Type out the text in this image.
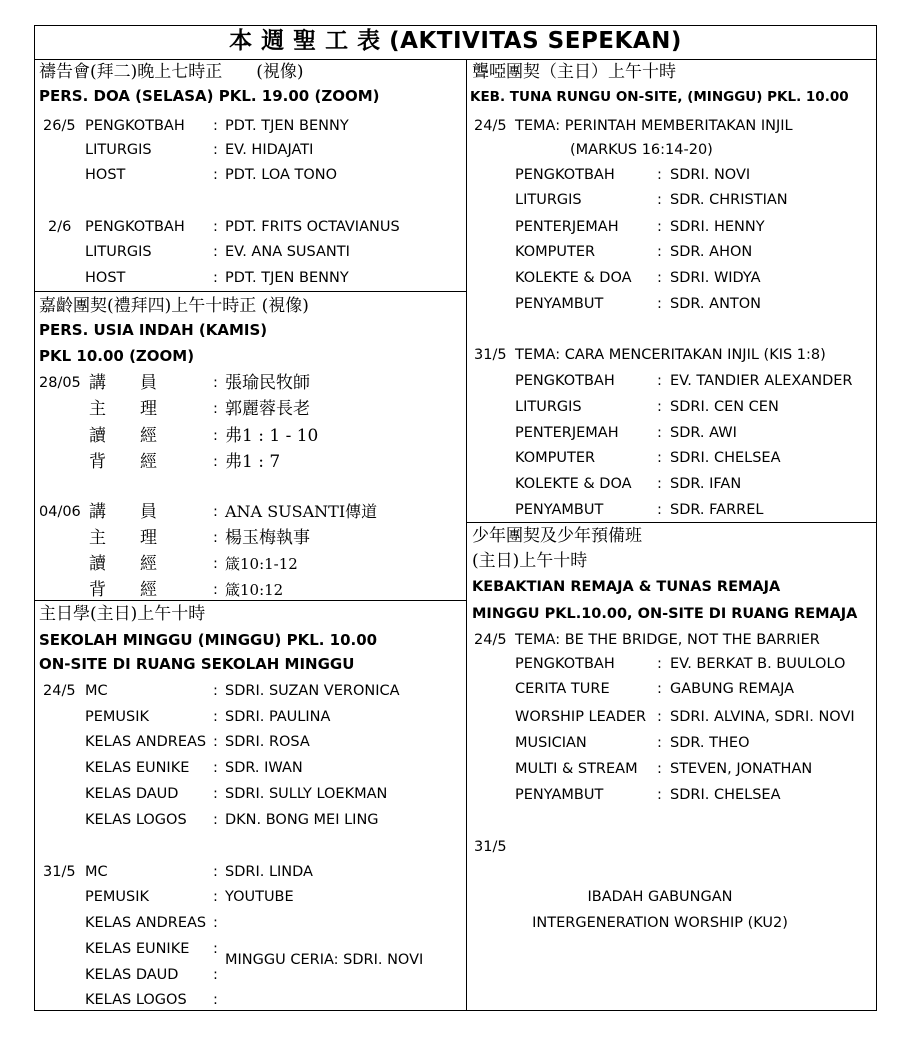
本 週 聖 工 表 (AKTIVITAS SEPEKAN)
禱告會(拜二)晚上七時正　　(視像)
PERS. DOA (SELASA) PKL. 19.00 (ZOOM)
26/5 PENGKOTBAH : PDT. TJEN BENNY
LITURGIS	: EV. HIDAJATI
HOST	: PDT. LOA TONO
2/6 PENGKOTBAH : PDT. FRITS OCTAVIANUS
LITURGIS	: EV. ANA SUSANTI
HOST	: PDT. TJEN BENNY
嘉齡團契(禮拜四)上午十時正 (視像)
PERS. USIA INDAH (KAMIS)
PKL 10.00 (ZOOM)
28/05 講　　員	: 張瑜民牧師
主　　理	: 郭麗蓉長老
讀　　經	: 弗1 : 1 - 10
背　　經	: 弗1 : 7
04/06 講　　員	: ANA SUSANTI傳道
主　　理	: 楊玉梅執事
讀　　經	: 箴10:1-12
背　　經	: 箴10:12
主日學(主日)上午十時
SEKOLAH MINGGU (MINGGU) PKL. 10.00
ON-SITE DI RUANG SEKOLAH MINGGU
24/5 MC	: SDRI. SUZAN VERONICA
PEMUSIK	: SDRI. PAULINA
KELAS ANDREAS : SDRI. ROSA
KELAS EUNIKE : SDR. IWAN
KELAS DAUD : SDRI. SULLY LOEKMAN
KELAS LOGOS : DKN. BONG MEI LING
31/5 MC	: SDRI. LINDA
PEMUSIK	: YOUTUBE
KELAS ANDREAS :
KELAS EUNIKE :
KELAS DAUD :
KELAS LOGOS :
MINGGU CERIA: SDRI. NOVI
聾啞團契（主日）上午十時
KEB. TUNA RUNGU ON-SITE, (MINGGU) PKL. 10.00
24/5 TEMA: PERINTAH MEMBERITAKAN INJIL
(MARKUS 16:14-20)
PENGKOTBAH	: SDRI. NOVI
LITURGIS	: SDR. CHRISTIAN
PENTERJEMAH	: SDRI. HENNY
KOMPUTER	: SDR. AHON
KOLEKTE & DOA : SDRI. WIDYA
PENYAMBUT	: SDR. ANTON
31/5 TEMA: CARA MENCERITAKAN INJIL (KIS 1:8)
PENGKOTBAH	: EV. TANDIER ALEXANDER
LITURGIS	: SDRI. CEN CEN
PENTERJEMAH	: SDR. AWI
KOMPUTER	: SDRI. CHELSEA
KOLEKTE & DOA : SDR. IFAN
PENYAMBUT	: SDR. FARREL
少年團契及少年預備班
(主日)上午十時
KEBAKTIAN REMAJA & TUNAS REMAJA
MINGGU PKL.10.00, ON-SITE DI RUANG REMAJA
24/5 TEMA: BE THE BRIDGE, NOT THE BARRIER
PENGKOTBAH	: EV. BERKAT B. BUULOLO
CERITA TURE	: GABUNG REMAJA
WORSHIP LEADER : SDRI. ALVINA, SDRI. NOVI
MUSICIAN	: SDR. THEO
MULTI & STREAM : STEVEN, JONATHAN
PENYAMBUT	: SDRI. CHELSEA
31/5
IBADAH GABUNGAN
INTERGENERATION WORSHIP (KU2)
